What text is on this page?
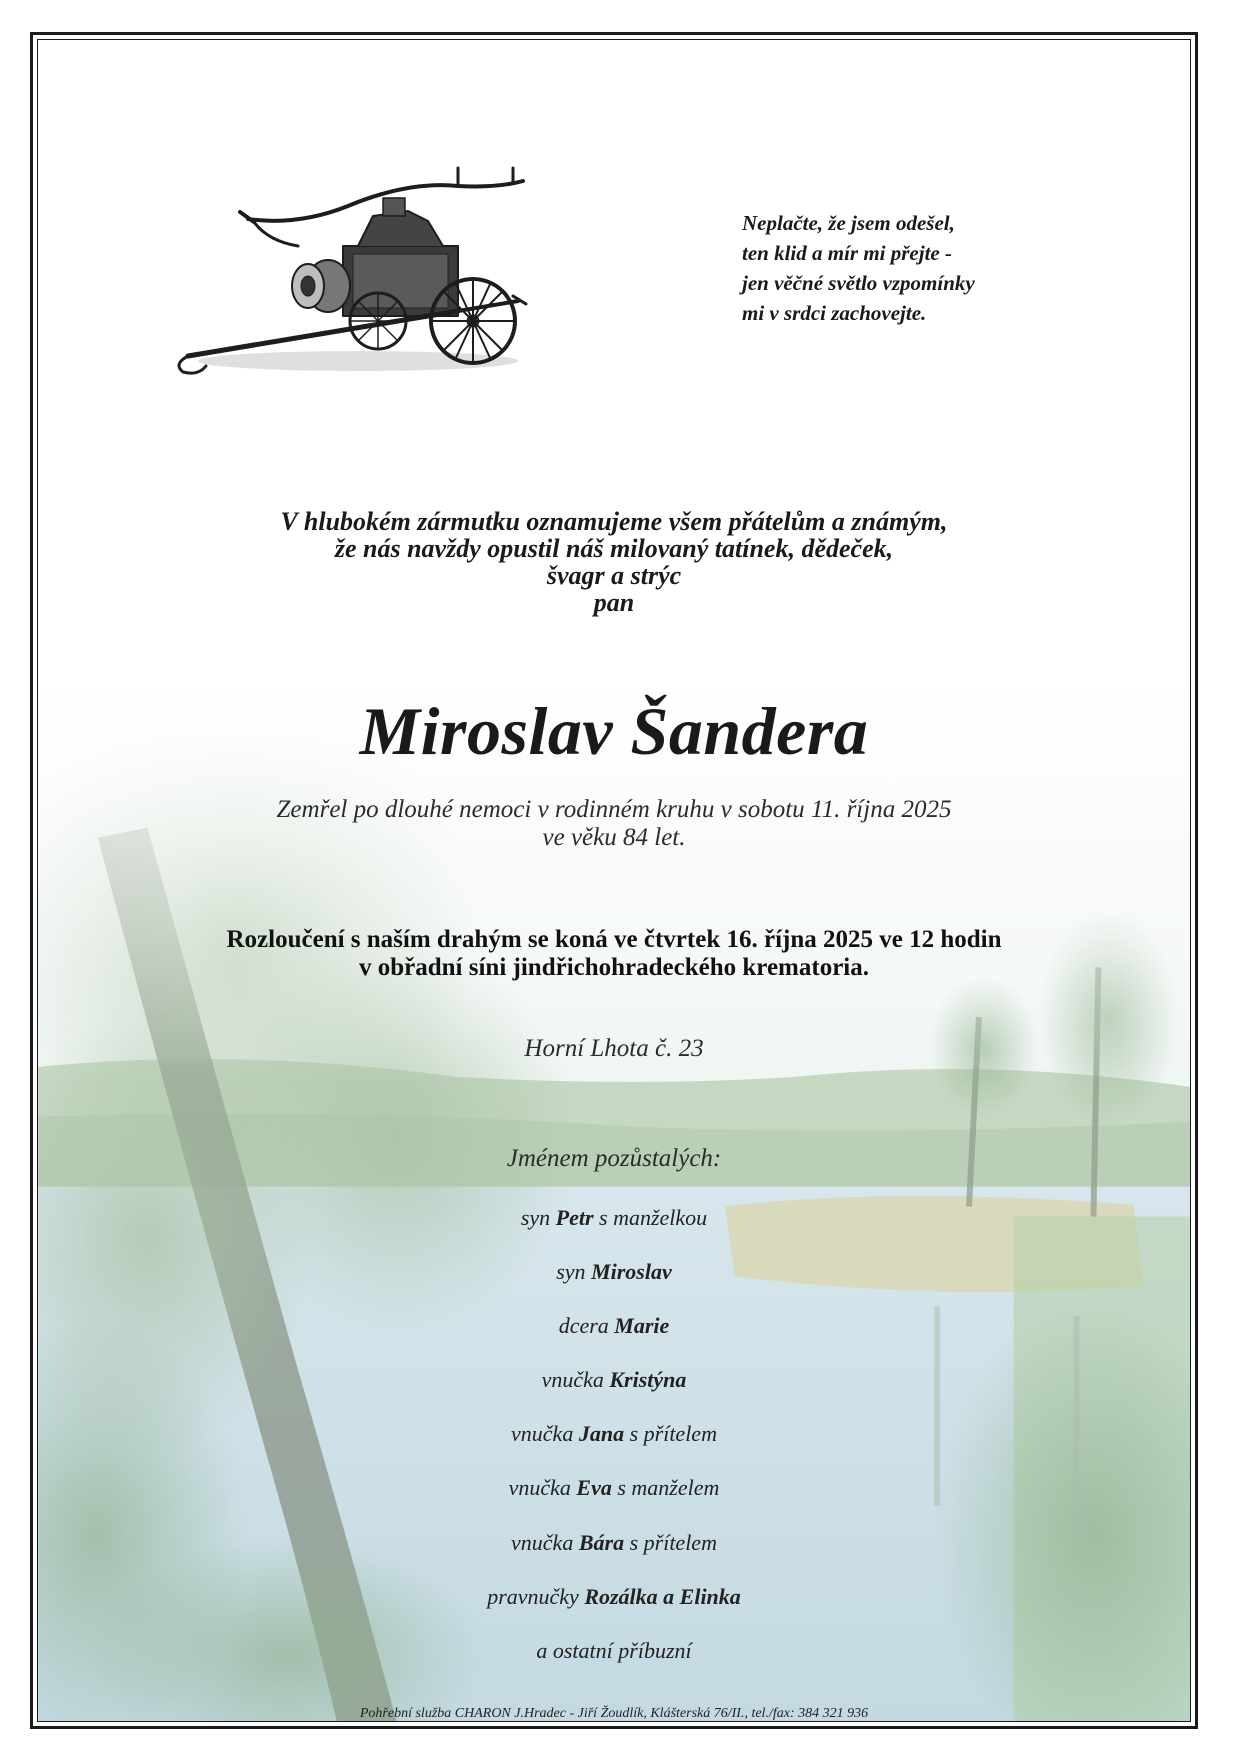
Neplačte, že jsem odešel,
ten klid a mír mi přejte -
jen věčné světlo vzpomínky
mi v srdci zachovejte.
V hlubokém zármutku oznamujeme všem přátelům a známým,
že nás navždy opustil náš milovaný tatínek, dědeček,
švagr a strýc
pan
Miroslav Šandera
Zemřel po dlouhé nemoci v rodinném kruhu v sobotu 11. října 2025
ve věku 84 let.
Rozloučení s naším drahým se koná ve čtvrtek 16. října 2025 ve 12 hodin
v obřadní síni jindřichohradeckého krematoria.
Horní Lhota č. 23
Jménem pozůstalých:
syn Petr s manželkou
syn Miroslav
dcera Marie
vnučka Kristýna
vnučka Jana s přítelem
vnučka Eva s manželem
vnučka Bára s přítelem
pravnučky Rozálka a Elinka
a ostatní příbuzní
Pohřební služba CHARON J.Hradec - Jiří Žoudlík, Klášterská 76/II., tel./fax: 384 321 936
